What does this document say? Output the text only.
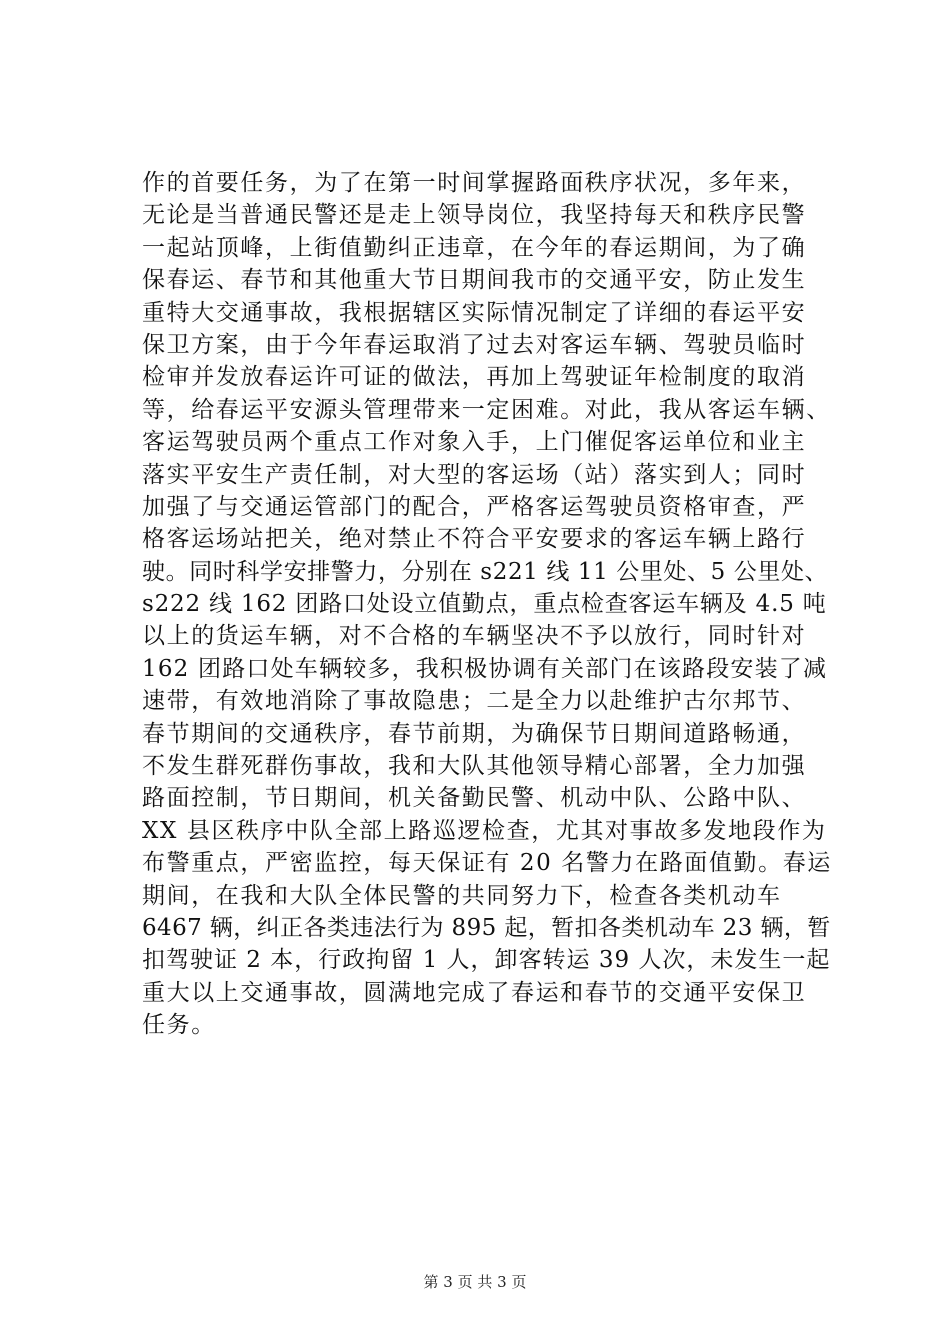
作的首要任务，为了在第一时间掌握路面秩序状况，多年来，
无论是当普通民警还是走上领导岗位，我坚持每天和秩序民警
一起站顶峰，上街值勤纠正违章，在今年的春运期间，为了确
保春运、春节和其他重大节日期间我市的交通平安，防止发生
重特大交通事故，我根据辖区实际情况制定了详细的春运平安
保卫方案，由于今年春运取消了过去对客运车辆、驾驶员临时
检审并发放春运许可证的做法，再加上驾驶证年检制度的取消
等，给春运平安源头管理带来一定困难。对此，我从客运车辆、
客运驾驶员两个重点工作对象入手，上门催促客运单位和业主
落实平安生产责任制，对大型的客运场（站）落实到人；同时
加强了与交通运管部门的配合，严格客运驾驶员资格审查，严
格客运场站把关，绝对禁止不符合平安要求的客运车辆上路行
驶。同时科学安排警力，分别在 s221 线 11 公里处、5 公里处、
s222 线 162 团路口处设立值勤点，重点检查客运车辆及 4.5 吨
以上的货运车辆，对不合格的车辆坚决不予以放行，同时针对
162 团路口处车辆较多，我积极协调有关部门在该路段安装了减
速带，有效地消除了事故隐患；二是全力以赴维护古尔邦节、
春节期间的交通秩序，春节前期，为确保节日期间道路畅通，
不发生群死群伤事故，我和大队其他领导精心部署，全力加强
路面控制，节日期间，机关备勤民警、机动中队、公路中队、
XX 县区秩序中队全部上路巡逻检查，尤其对事故多发地段作为
布警重点，严密监控，每天保证有 20 名警力在路面值勤。春运
期间，在我和大队全体民警的共同努力下，检查各类机动车
6467 辆，纠正各类违法行为 895 起，暂扣各类机动车 23 辆，暂
扣驾驶证 2 本，行政拘留 1 人，卸客转运 39 人次，未发生一起
重大以上交通事故，圆满地完成了春运和春节的交通平安保卫
任务。
第 3 页 共 3 页
